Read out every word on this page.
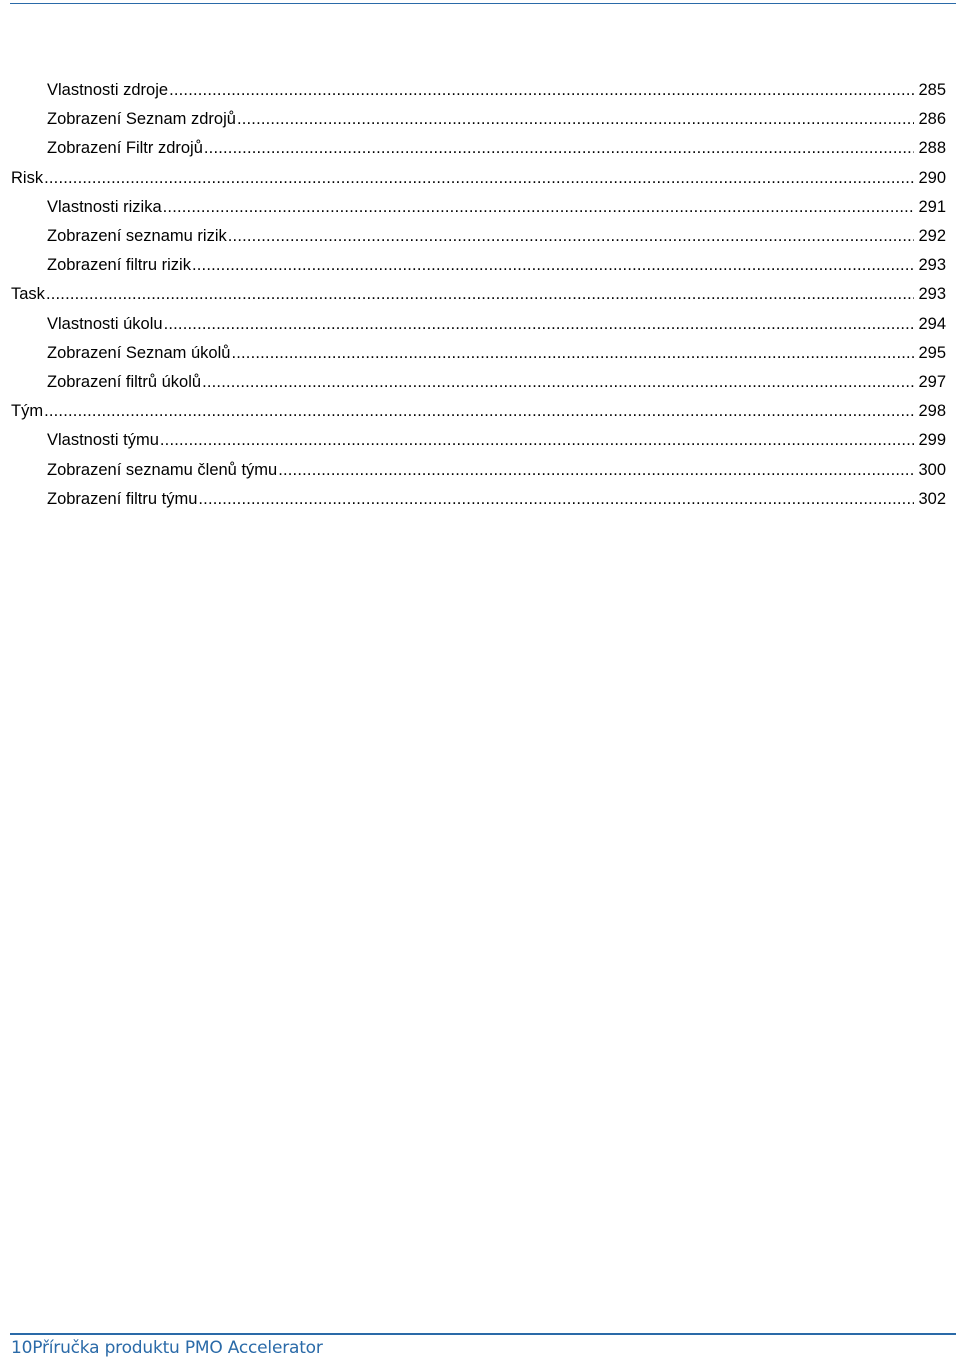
Vlastnosti zdroje .....	285
Zobrazení Seznam zdrojů .....	286
Zobrazení Filtr zdrojů .....	288
Risk .....	290
Vlastnosti rizika .....	291
Zobrazení seznamu rizik .....	292
Zobrazení filtru rizik .....	293
Task .....	293
Vlastnosti úkolu .....	294
Zobrazení Seznam úkolů .....	295
Zobrazení filtrů úkolů .....	297
Tým .....	298
Vlastnosti týmu .....	299
Zobrazení seznamu členů týmu .....	300
Zobrazení filtru týmu .....	302
10Příručka produktu PMO Accelerator
